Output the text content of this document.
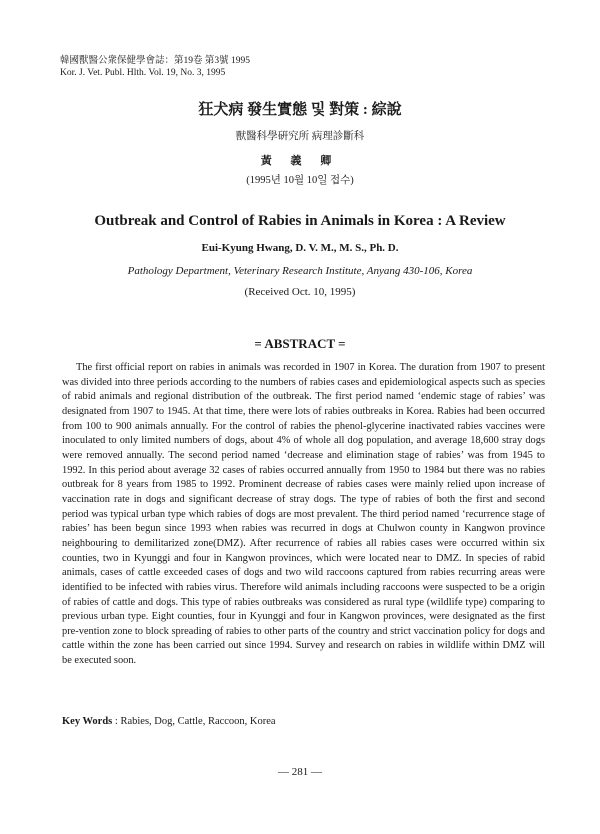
韓國獸醫公衆保健學會誌：第19卷 第3號 1995
Kor. J. Vet. Publ. Hlth. Vol. 19, No. 3, 1995
狂犬病 發生實態 및 對策 : 綜說
獸醫科學硏究所 病理診斷科
黃 義 卿
(1995년 10월 10일 접수)
Outbreak and Control of Rabies in Animals in Korea : A Review
Eui-Kyung Hwang, D. V. M., M. S., Ph. D.
Pathology Department, Veterinary Research Institute, Anyang 430-106, Korea
(Received Oct. 10, 1995)
= ABSTRACT =

The first official report on rabies in animals was recorded in 1907 in Korea. The duration from 1907 to present was divided into three periods according to the numbers of rabies cases and epidemiological aspects such as species of rabid animals and regional distribution of the outbreak. The first period named ‘endemic stage of rabies’ was designated from 1907 to 1945. At that time, there were lots of rabies outbreaks in Korea. Rabies had been occurred from 100 to 900 animals annually. For the control of rabies the phenol-glycerine inactivated rabies vaccines were inoculated to only limited numbers of dogs, about 4% of whole all dog population, and average 18,600 stray dogs were removed annually. The second period named ‘decrease and elimination stage of rabies’ was from 1945 to 1992. In this period about average 32 cases of rabies occurred annually from 1950 to 1984 but there was no rabies outbreak for 8 years from 1985 to 1992. Prominent decrease of rabies cases were mainly relied upon increase of vaccination rate in dogs and significant decrease of stray dogs. The type of rabies of both the first and second period was typical urban type which rabies of dogs are most prevalent. The third period named ‘recurrence stage of rabies’ has been begun since 1993 when rabies was recurred in dogs at Chulwon county in Kangwon province neighbouring to demilitarized zone(DMZ). After recurrence of rabies all rabies cases were occurred within six counties, two in Kyunggi and four in Kangwon provinces, which were located near to DMZ. In species of rabid animals, cases of cattle exceeded cases of dogs and two wild raccoons captured from rabies recurring areas were identified to be infected with rabies virus. Therefore wild animals including raccoons were suspected to be a origin of rabies of cattle and dogs. This type of rabies outbreaks was considered as rural type (wildlife type) comparing to previous urban type. Eight counties, four in Kyunggi and four in Kangwon provinces, were designated as the first pre-vention zone to block spreading of rabies to other parts of the country and strict vaccination policy for dogs and cattle within the zone has been carried out since 1994. Survey and research on rabies in wildlife within DMZ will be executed soon.

Key Words : Rabies, Dog, Cattle, Raccoon, Korea
— 281 —
